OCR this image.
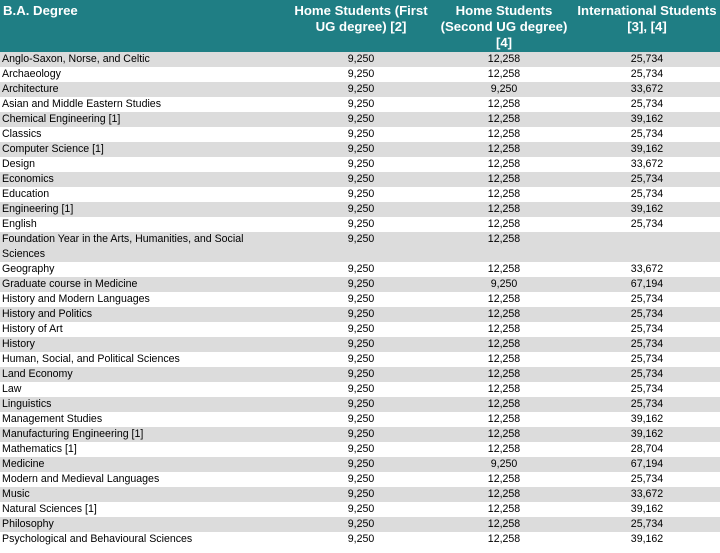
B.A. Degree	Home Students (First UG degree) [2]	Home Students (Second UG degree) [4]	International Students [3], [4]
Anglo-Saxon, Norse, and Celtic	9,250	12,258	25,734
Archaeology	9,250	12,258	25,734
Architecture	9,250	9,250	33,672
Asian and Middle Eastern Studies	9,250	12,258	25,734
Chemical Engineering [1]	9,250	12,258	39,162
Classics	9,250	12,258	25,734
Computer Science [1]	9,250	12,258	39,162
Design	9,250	12,258	33,672
Economics	9,250	12,258	25,734
Education	9,250	12,258	25,734
Engineering [1]	9,250	12,258	39,162
English	9,250	12,258	25,734
Foundation Year in the Arts, Humanities, and Social Sciences	9,250	12,258	
Geography	9,250	12,258	33,672
Graduate course in Medicine	9,250	9,250	67,194
History and Modern Languages	9,250	12,258	25,734
History and Politics	9,250	12,258	25,734
History of Art	9,250	12,258	25,734
History	9,250	12,258	25,734
Human, Social, and Political Sciences	9,250	12,258	25,734
Land Economy	9,250	12,258	25,734
Law	9,250	12,258	25,734
Linguistics	9,250	12,258	25,734
Management Studies	9,250	12,258	39,162
Manufacturing Engineering [1]	9,250	12,258	39,162
Mathematics [1]	9,250	12,258	28,704
Medicine	9,250	9,250	67,194
Modern and Medieval Languages	9,250	12,258	25,734
Music	9,250	12,258	33,672
Natural Sciences [1]	9,250	12,258	39,162
Philosophy	9,250	12,258	25,734
Psychological and Behavioural Sciences	9,250	12,258	39,162
